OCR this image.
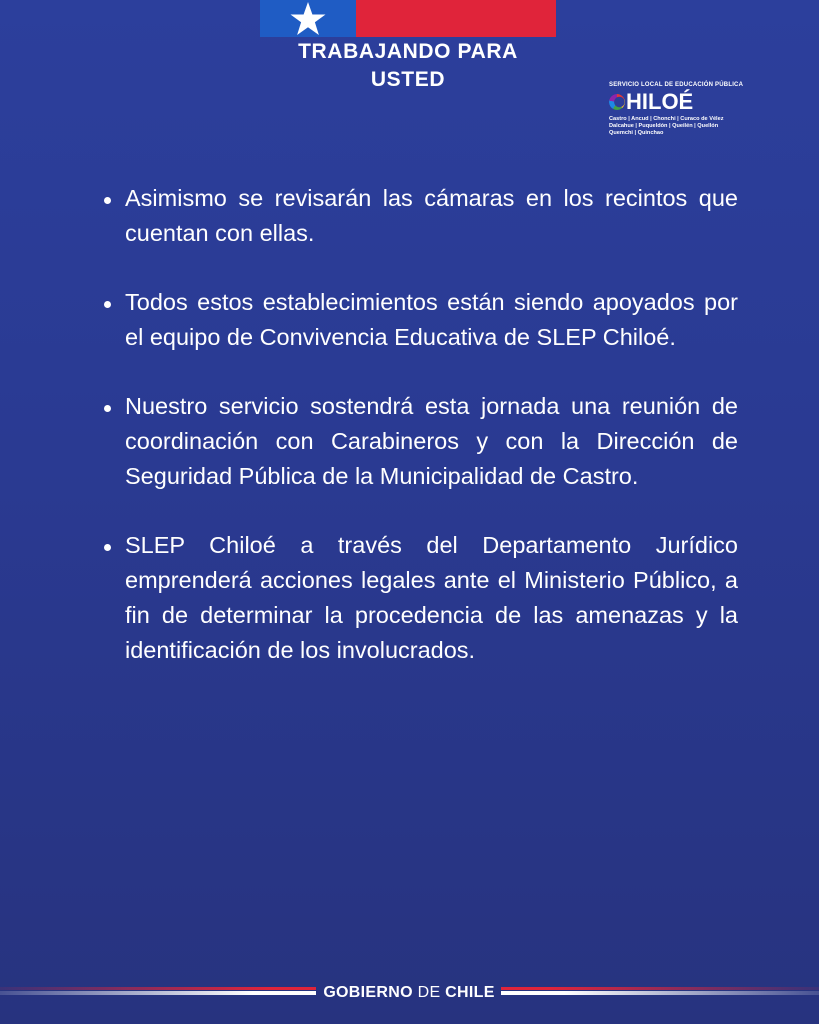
TRABAJANDO PARA USTED	SERVICIO LOCAL DE EDUCACIÓN PÚBLICA
HILOÉ
Castro | Ancud | Chonchi | Curaco de Vélez Dalcahue | Puqueldón | Queilén | Quellón Quemchi | Quinchao
Asimismo se revisarán las cámaras en los recintos que cuentan con ellas.
Todos estos establecimientos están siendo apoyados por el equipo de Convivencia Educativa de SLEP Chiloé.
Nuestro servicio sostendrá esta jornada una reunión de coordinación con Carabineros y con la Dirección de Seguridad Pública de la Municipalidad de Castro.
SLEP Chiloé a través del Departamento Jurídico emprenderá acciones legales ante el Ministerio Público, a fin de determinar la procedencia de las amenazas y la identificación de los involucrados.
GOBIERNO DE CHILE
